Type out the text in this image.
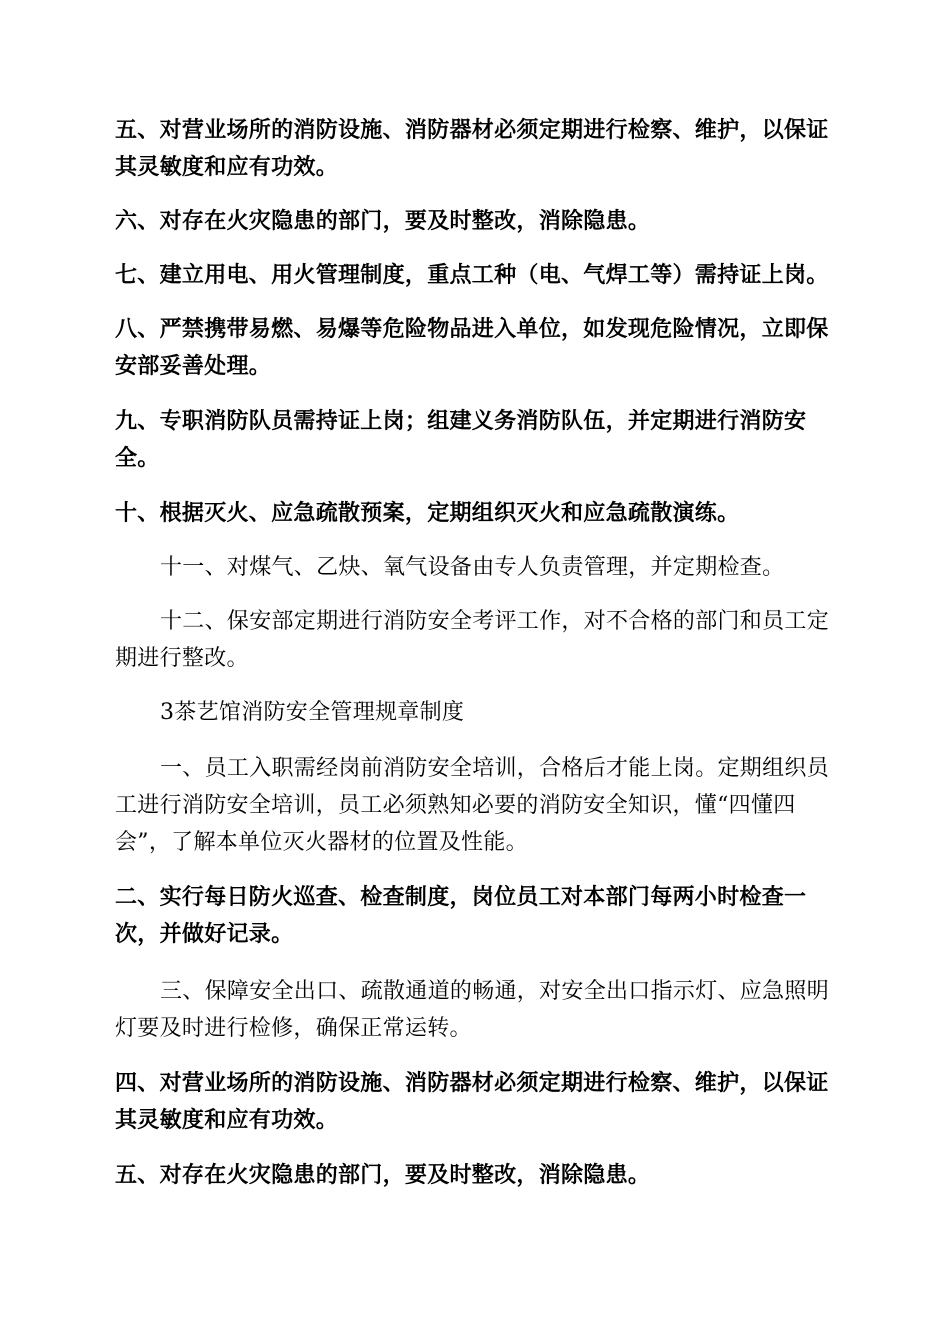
五、对营业场所的消防设施、消防器材必须定期进行检察、维护，以保证其灵敏度和应有功效。

六、对存在火灾隐患的部门，要及时整改，消除隐患。

七、建立用电、用火管理制度，重点工种（电、气焊工等）需持证上岗。

八、严禁携带易燃、易爆等危险物品进入单位，如发现危险情况，立即保安部妥善处理。

九、专职消防队员需持证上岗；组建义务消防队伍，并定期进行消防安全。

十、根据灭火、应急疏散预案，定期组织灭火和应急疏散演练。

十一、对煤气、乙炔、氧气设备由专人负责管理，并定期检查。

十二、保安部定期进行消防安全考评工作，对不合格的部门和员工定期进行整改。

3茶艺馆消防安全管理规章制度

一、员工入职需经岗前消防安全培训，合格后才能上岗。定期组织员工进行消防安全培训，员工必须熟知必要的消防安全知识，懂“四懂四会”，了解本单位灭火器材的位置及性能。

二、实行每日防火巡查、检查制度，岗位员工对本部门每两小时检查一次，并做好记录。

三、保障安全出口、疏散通道的畅通，对安全出口指示灯、应急照明灯要及时进行检修，确保正常运转。

四、对营业场所的消防设施、消防器材必须定期进行检察、维护，以保证其灵敏度和应有功效。

五、对存在火灾隐患的部门，要及时整改，消除隐患。
